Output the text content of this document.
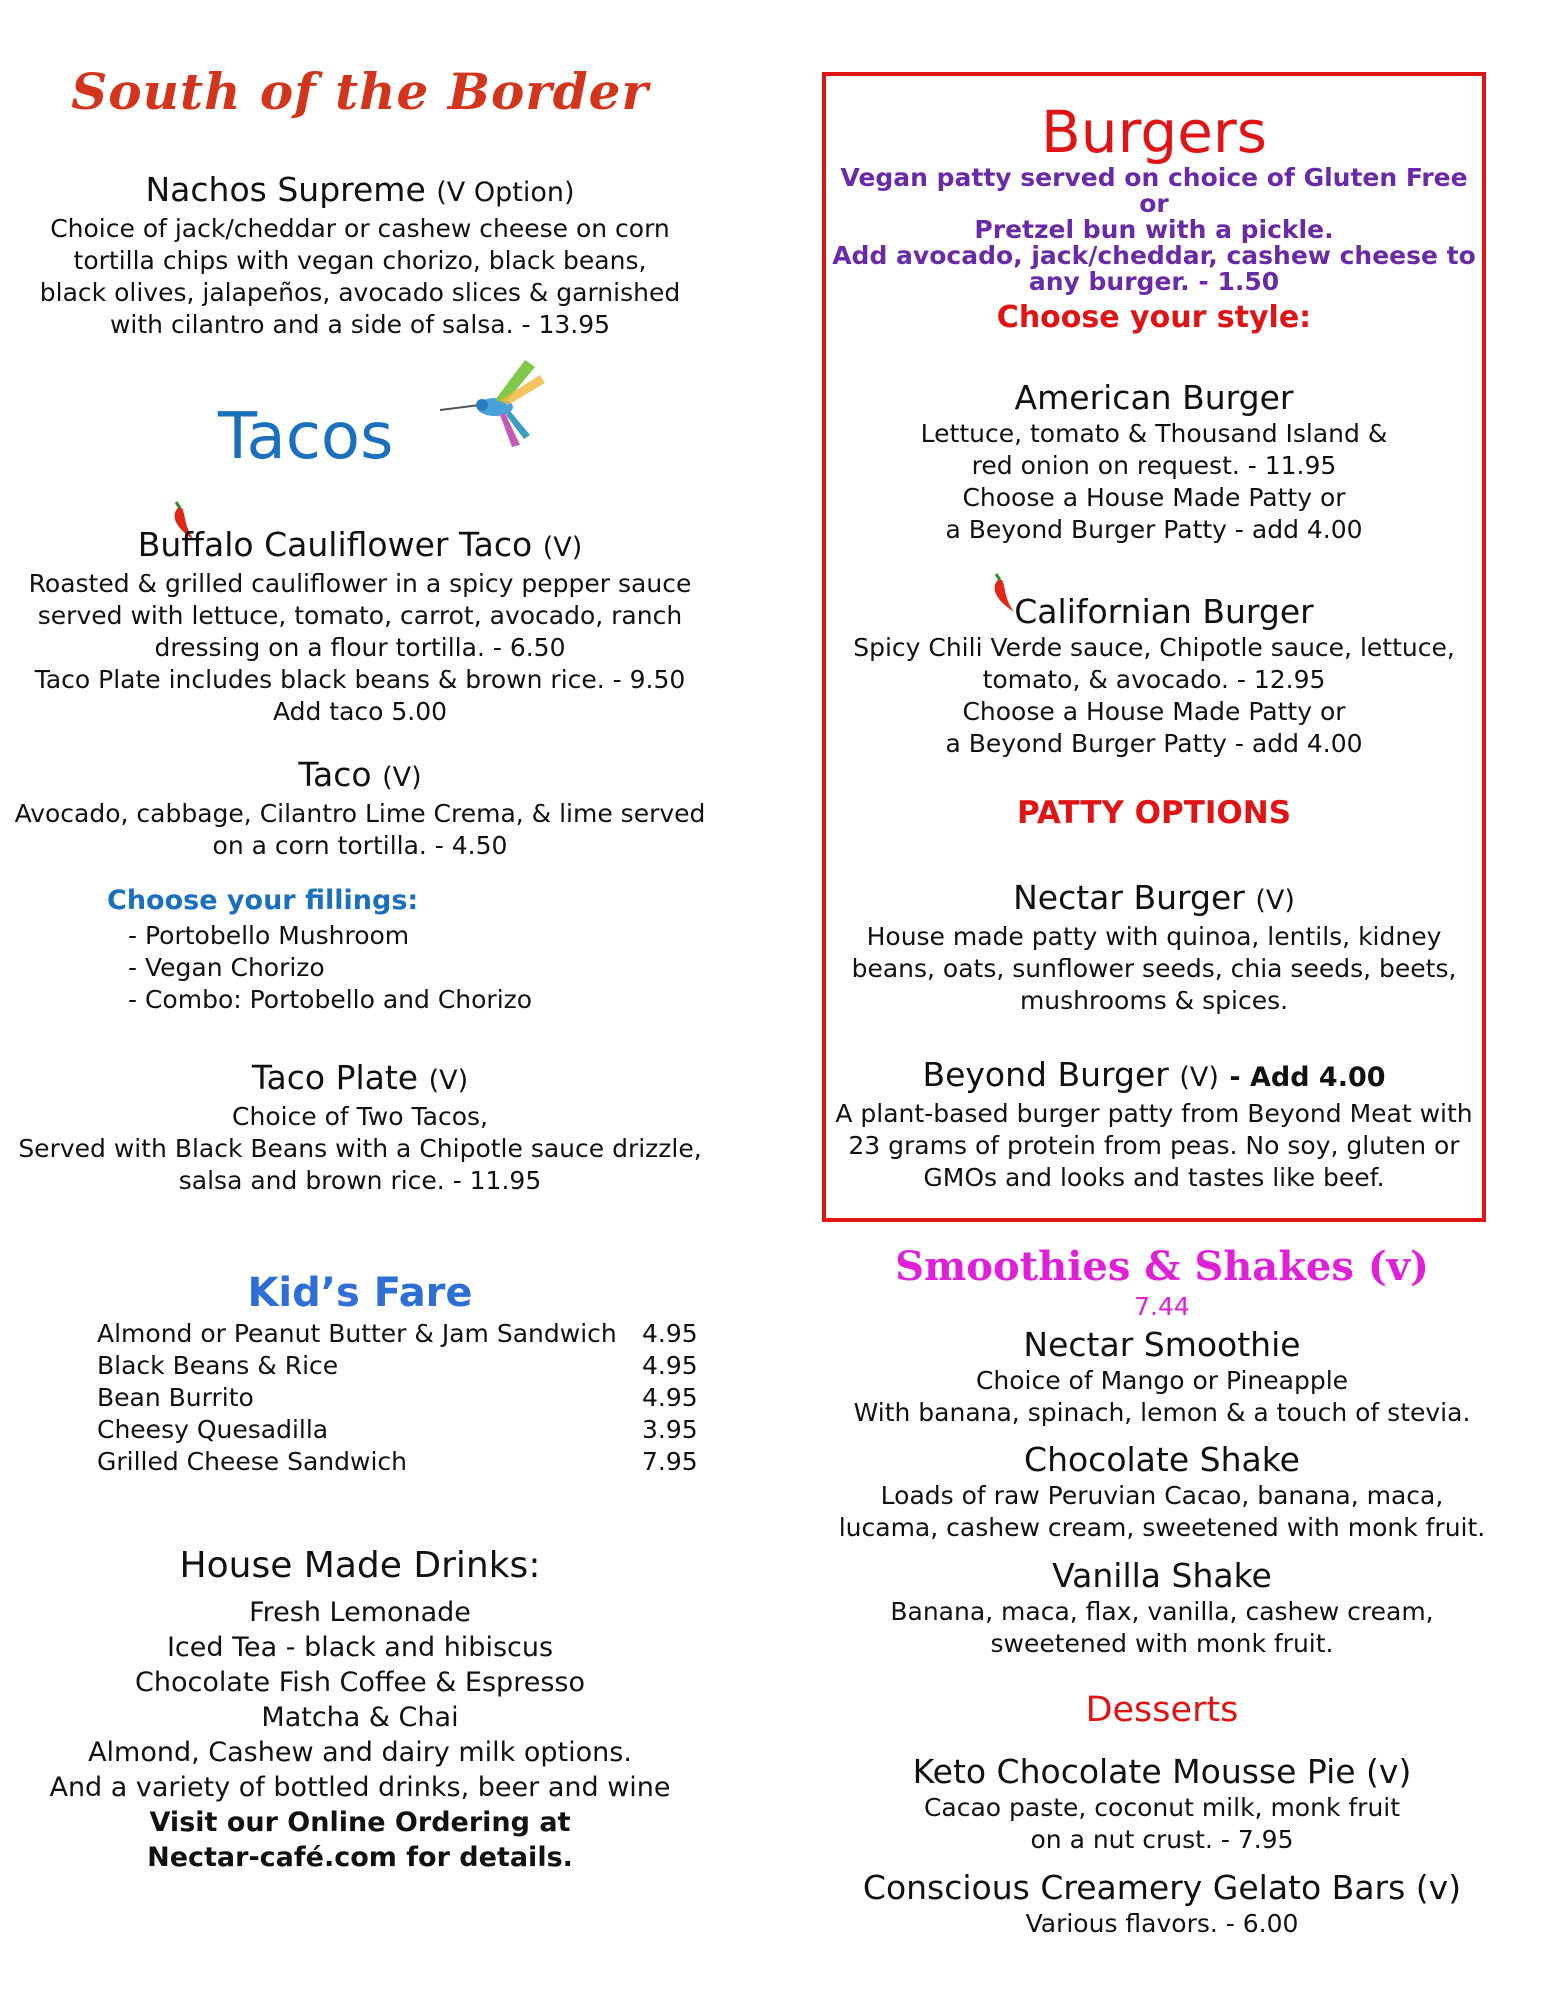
South of the Border
Nachos Supreme (V Option)
Choice of jack/cheddar or cashew cheese on corn
tortilla chips with vegan chorizo, black beans,
black olives, jalapeños, avocado slices & garnished
with cilantro and a side of salsa. - 13.95
Tacos
Buffalo Cauliflower Taco (V)
Roasted & grilled cauliflower in a spicy pepper sauce
served with lettuce, tomato, carrot, avocado, ranch
dressing on a flour tortilla. - 6.50
Taco Plate includes black beans & brown rice. - 9.50
Add taco 5.00
Taco (V)
Avocado, cabbage, Cilantro Lime Crema, & lime served
on a corn tortilla. - 4.50
Choose your fillings:
- Portobello Mushroom
- Vegan Chorizo
- Combo: Portobello and Chorizo
Taco Plate (V)
Choice of Two Tacos,
Served with Black Beans with a Chipotle sauce drizzle,
salsa and brown rice. - 11.95
Kid’s Fare
Almond or Peanut Butter & Jam Sandwich	4.95
Black Beans & Rice	4.95
Bean Burrito	4.95
Cheesy Quesadilla	3.95
Grilled Cheese Sandwich	7.95
House Made Drinks:
Fresh Lemonade
Iced Tea - black and hibiscus
Chocolate Fish Coffee & Espresso
Matcha & Chai
Almond, Cashew and dairy milk options.
And a variety of bottled drinks, beer and wine
Visit our Online Ordering at
Nectar-café.com for details.
Burgers
Vegan patty served on choice of Gluten Free or
Pretzel bun with a pickle.
Add avocado, jack/cheddar, cashew cheese to
any burger. - 1.50
Choose your style:
American Burger
Lettuce, tomato & Thousand Island &
red onion on request. - 11.95
Choose a House Made Patty or
a Beyond Burger Patty - add 4.00
Californian Burger
Spicy Chili Verde sauce, Chipotle sauce, lettuce,
tomato, & avocado. - 12.95
Choose a House Made Patty or
a Beyond Burger Patty - add 4.00
PATTY OPTIONS
Nectar Burger (V)
House made patty with quinoa, lentils, kidney
beans, oats, sunflower seeds, chia seeds, beets,
mushrooms & spices.
Beyond Burger (V) - Add 4.00
A plant-based burger patty from Beyond Meat with
23 grams of protein from peas. No soy, gluten or
GMOs and looks and tastes like beef.
Smoothies & Shakes (v)
7.44
Nectar Smoothie
Choice of Mango or Pineapple
With banana, spinach, lemon & a touch of stevia.
Chocolate Shake
Loads of raw Peruvian Cacao, banana, maca,
lucama, cashew cream, sweetened with monk fruit.
Vanilla Shake
Banana, maca, flax, vanilla, cashew cream,
sweetened with monk fruit.
Desserts
Keto Chocolate Mousse Pie (v)
Cacao paste, coconut milk, monk fruit
on a nut crust. - 7.95
Conscious Creamery Gelato Bars (v)
Various flavors. - 6.00
